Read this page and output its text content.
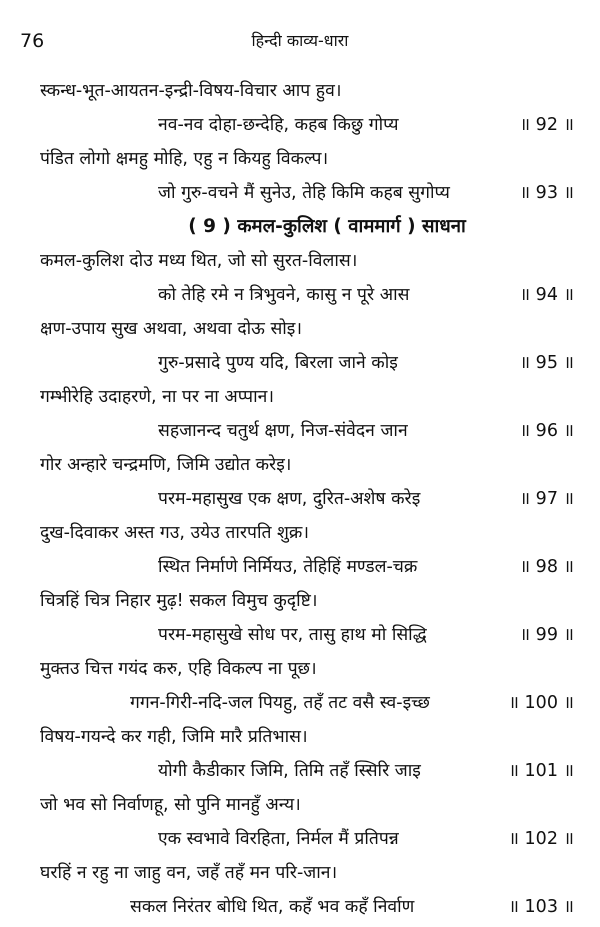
76	हिन्दी काव्य-धारा
स्कन्ध-भूत-आयतन-इन्द्री-विषय-विचार आप हुव।
नव-नव दोहा-छन्देहि, कहब किछु गोप्य	॥ 92 ॥
पंडित लोगो क्षमहु मोहि, एहु न कियहु विकल्प।
जो गुरु-वचने मैं सुनेउ, तेहि किमि कहब सुगोप्य	॥ 93 ॥
( 9 ) कमल-कुलिश ( वाममार्ग ) साधना
कमल-कुलिश दोउ मध्य थित, जो सो सुरत-विलास।
को तेहि रमे न त्रिभुवने, कासु न पूरे आस	॥ 94 ॥
क्षण-उपाय सुख अथवा, अथवा दोऊ सोइ।
गुरु-प्रसादे पुण्य यदि, बिरला जाने कोइ	॥ 95 ॥
गम्भीरेहि उदाहरणे, ना पर ना अप्पान।
सहजानन्द चतुर्थ क्षण, निज-संवेदन जान	॥ 96 ॥
गोर अन्हारे चन्द्रमणि, जिमि उद्योत करेइ।
परम-महासुख एक क्षण, दुरित-अशेष करेइ	॥ 97 ॥
दुख-दिवाकर अस्त गउ, उयेउ तारपति शुक्र।
स्थित निर्माणे निर्मियउ, तेहिहिं मण्डल-चक्र	॥ 98 ॥
चित्रहिं चित्र निहार मुढ़! सकल विमुच कुदृष्टि।
परम-महासुखे सोध पर, तासु हाथ मो सिद्धि	॥ 99 ॥
मुक्तउ चित्त गयंद करु, एहि विकल्प ना पूछ।
गगन-गिरी-नदि-जल पियहु, तहँ तट वसै स्व-इच्छ	॥ 100 ॥
विषय-गयन्दे कर गही, जिमि मारै प्रतिभास।
योगी कैडीकार जिमि, तिमि तहँ स्सिरि जाइ	॥ 101 ॥
जो भव सो निर्वाणहू, सो पुनि मानहुँ अन्य।
एक स्वभावे विरहिता, निर्मल मैं प्रतिपन्न	॥ 102 ॥
घरहिं न रहु ना जाहु वन, जहँ तहँ मन परि-जान।
सकल निरंतर बोधि थित, कहँ भव कहँ निर्वाण	॥ 103 ॥
